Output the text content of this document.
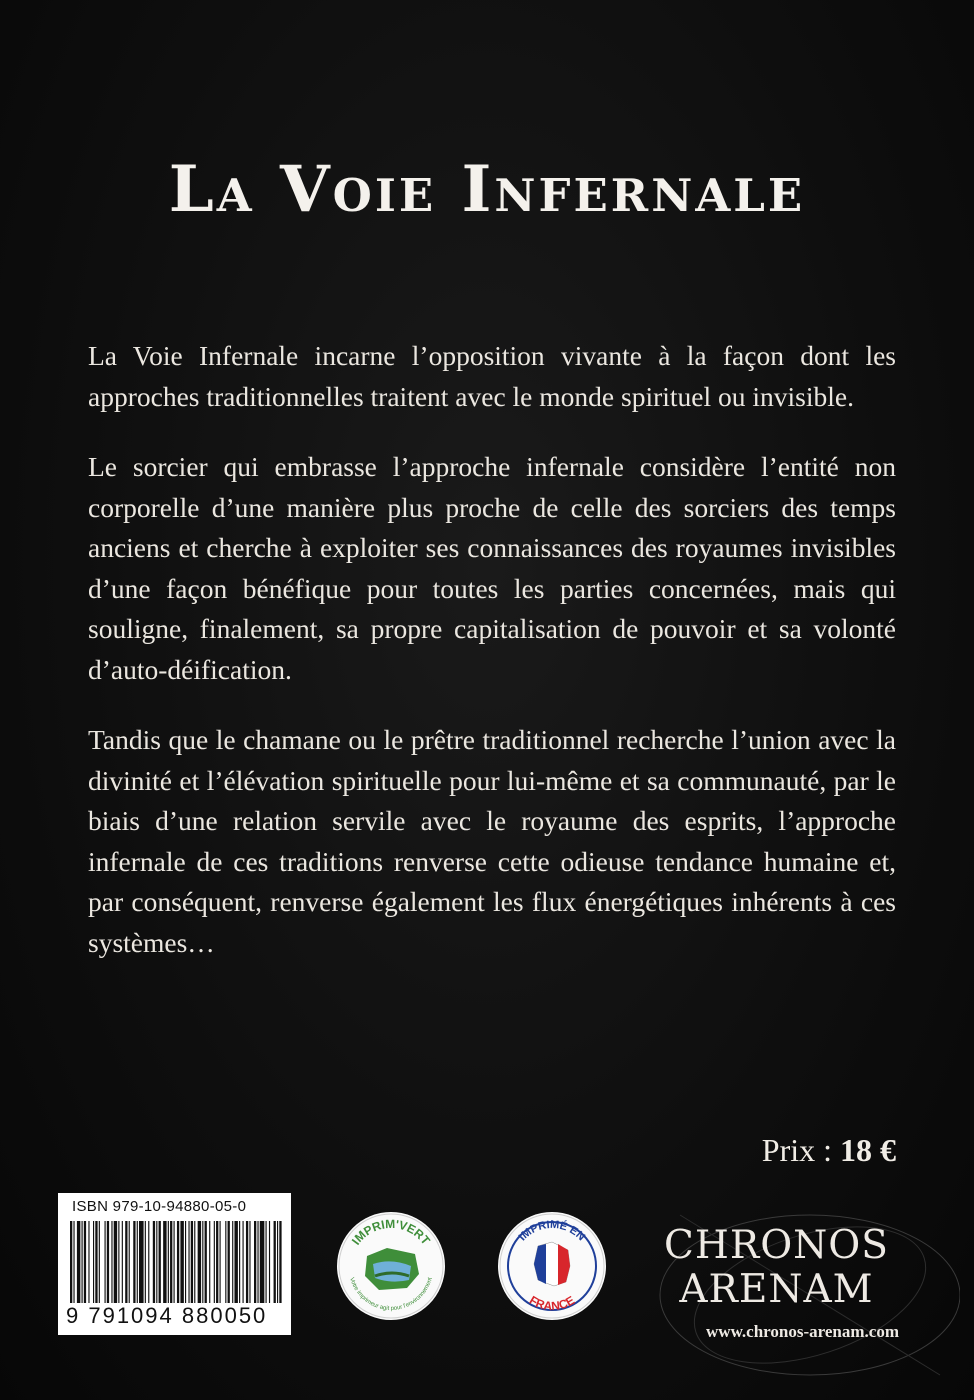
La Voie Infernale

La Voie Infernale incarne l’opposition vivante à la façon dont les approches traditionnelles traitent avec le monde spirituel ou invisible.

Le sorcier qui embrasse l’approche infernale considère l’entité non corporelle d’une manière plus proche de celle des sorciers des temps anciens et cherche à exploiter ses connaissances des royaumes invisibles d’une façon bénéfique pour toutes les parties concernées, mais qui souligne, finalement, sa propre capitalisation de pouvoir et sa volonté d’auto-déification.

Tandis que le chamane ou le prêtre traditionnel recherche l’union avec la divinité et l’élévation spirituelle pour lui-même et sa communauté, par le biais d’une relation servile avec le royaume des esprits, l’approche infernale de ces traditions renverse cette odieuse tendance humaine et, par conséquent, renverse également les flux énergétiques inhérents à ces systèmes…

Prix : 18 €
ISBN 979-10-94880-05-0
9 791094 880050
IMPRIM'VERT
Votre imprimeur agit pour l'environnement
IMPRIMÉ EN
FRANCE
CHRONOS
ARENAM
www.chronos-arenam.com
